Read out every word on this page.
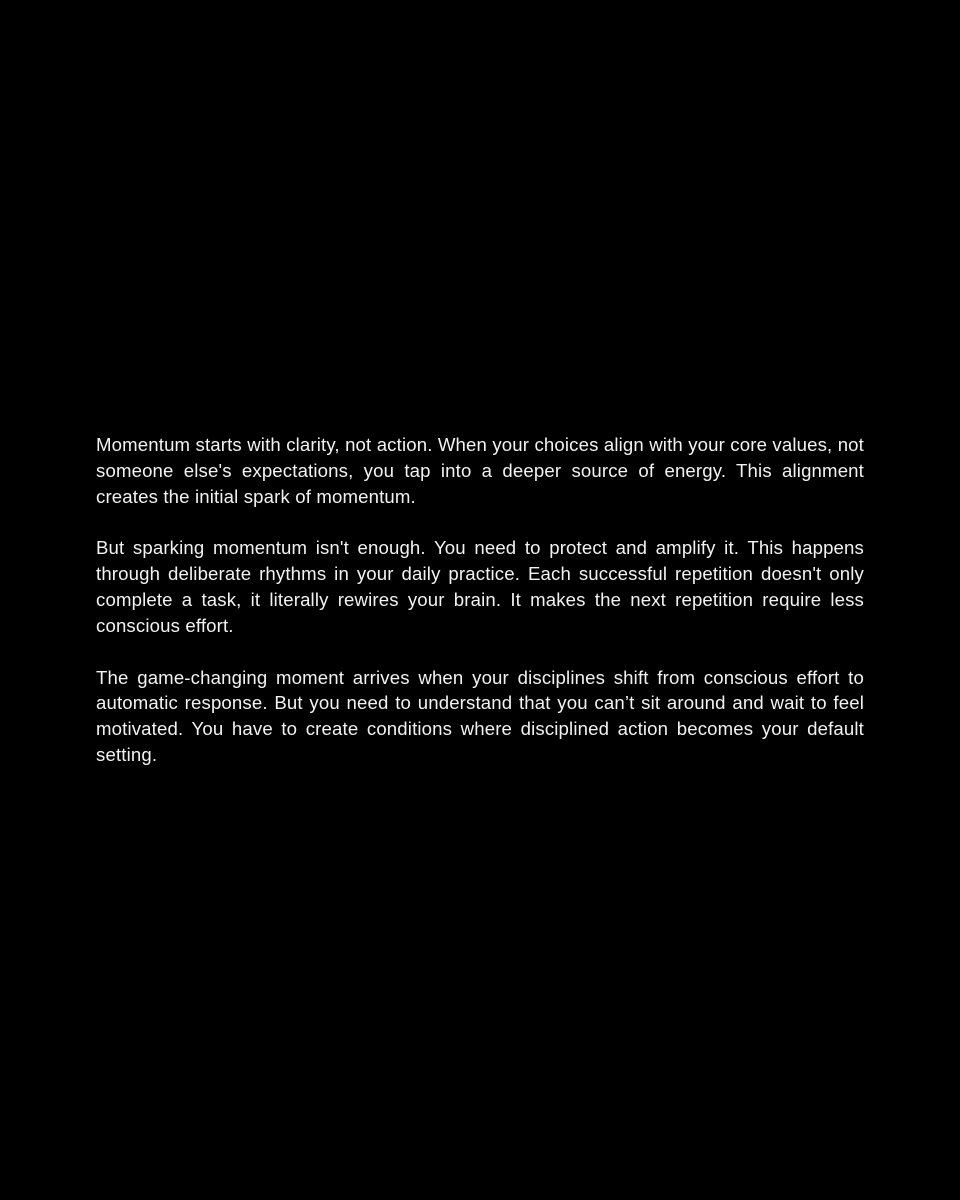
Momentum starts with clarity, not action. When your choices align with your core values, not someone else's expectations, you tap into a deeper source of energy. This alignment creates the initial spark of momentum.

But sparking momentum isn't enough. You need to protect and amplify it. This happens through deliberate rhythms in your daily practice. Each successful repetition doesn't only complete a task, it literally rewires your brain. It makes the next repetition require less conscious effort.

The game-changing moment arrives when your disciplines shift from conscious effort to automatic response. But you need to understand that you can’t sit around and wait to feel motivated. You have to create conditions where disciplined action becomes your default setting.
